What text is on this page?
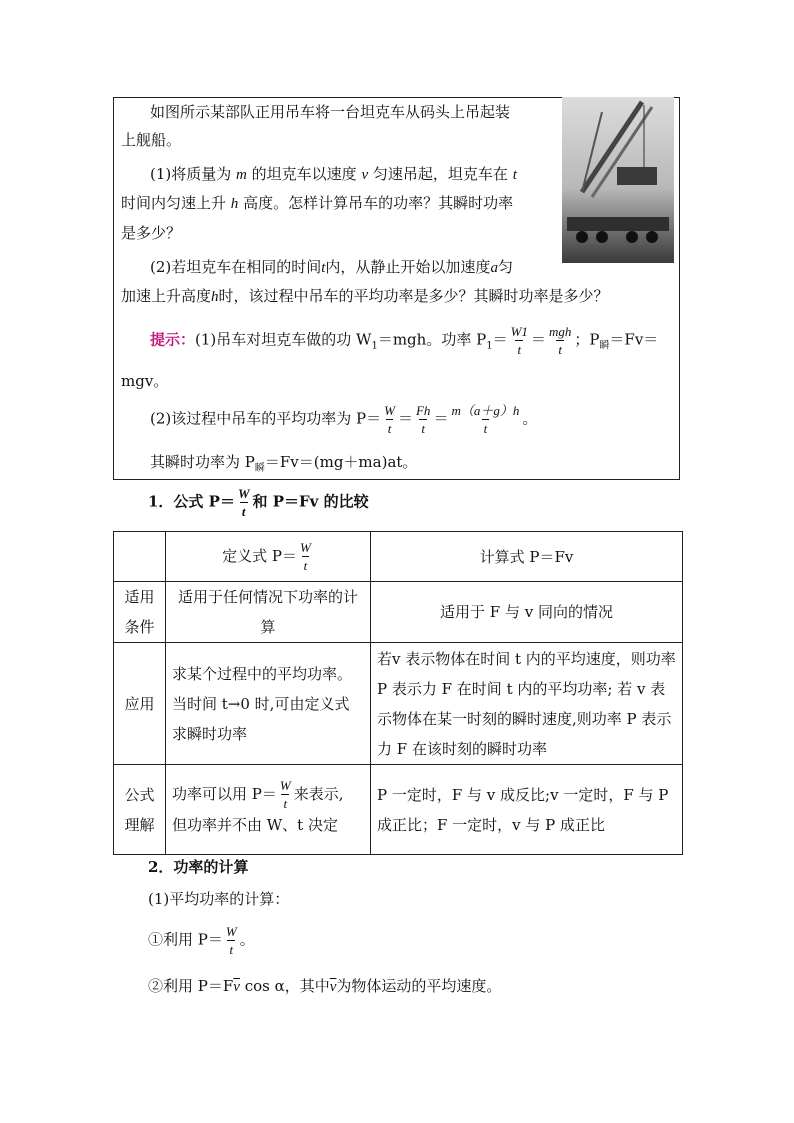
如图所示某部队正用吊车将一台坦克车从码头上吊起装
上舰船。
(1)将质量为 m 的坦克车以速度 v 匀速吊起，坦克车在 t
时间内匀速上升 h 高度。怎样计算吊车的功率？其瞬时功率
是多少？
(2)若坦克车在相同的时间t内，从静止开始以加速度a匀
加速上升高度h时，该过程中吊车的平均功率是多少？其瞬时功率是多少？
提示：(1)吊车对坦克车做的功 $W_1=mgh$。功率 $P_1= \frac{W1}{t} = \frac{\text{mgh}}{t}$ ；$P_瞬=Fv=$
mgv。
(2)该过程中吊车的平均功率为 $P= \frac{W}{t} = \frac{Fh}{t} = \frac{m(a+g)h}{t}$ 。
其瞬时功率为 $P_瞬=Fv=(mg+ma)at$。
1．公式 $P= \frac{W}{t}$ 和 P＝Fv 的比较
	定义式 $P= \frac{W}{t}$	计算式 P＝Fv
适用
条件	适用于任何情况下功率的计算	适用于 F 与 v 同向的情况
应用	求某个过程中的平均功率。当时间 t→0 时,可由定义式求瞬时功率	若v 表示物体在时间 t 内的平均速度，则功率 P 表示力 F 在时间 t 内的平均功率; 若 v 表示物体在某一时刻的瞬时速度,则功率 P 表示力 F 在该时刻的瞬时功率
公式
理解	功率可以用 $P= \frac{W}{t}$ 来表示,
但功率并不由 W、t 决定	P 一定时，F 与 v 成反比;v 一定时，F 与 P 成正比；F 一定时，v 与 P 成正比
2．功率的计算
(1)平均功率的计算：
①利用 $P= \frac{W}{t}$ 。
②利用 $P=F\overline{v}$ cos α，其中$\overline{v}$为物体运动的平均速度。
